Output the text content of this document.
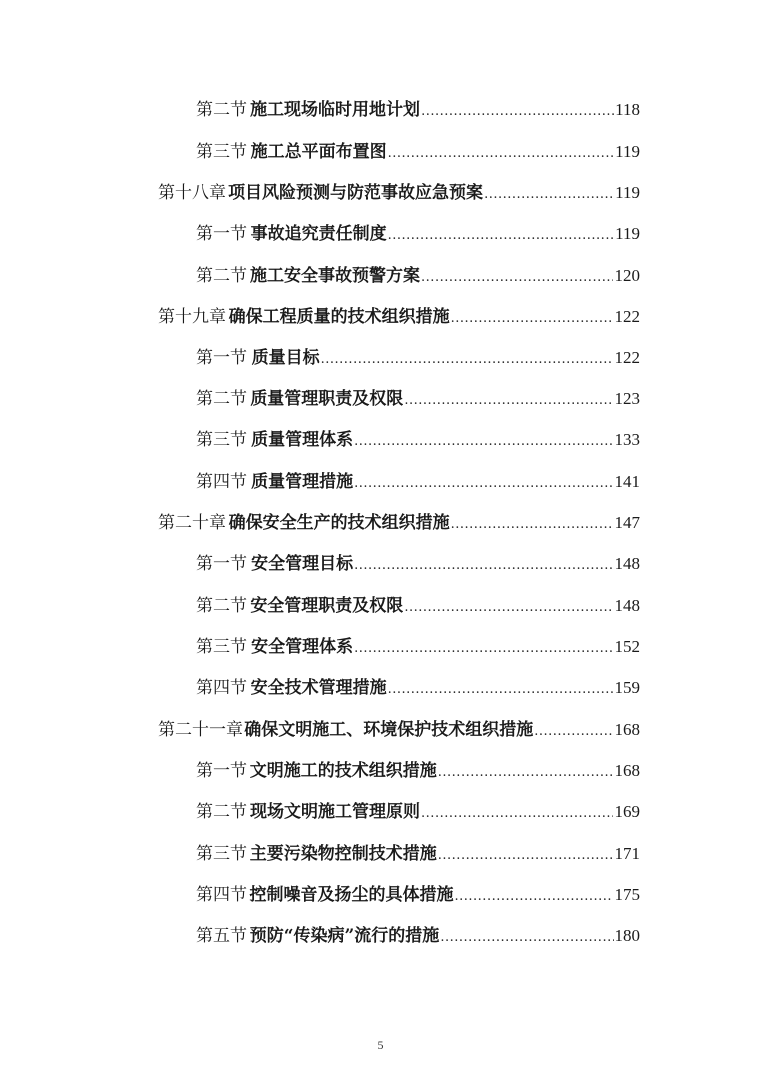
第二节 施工现场临时用地计划 .....	118
第三节 施工总平面布置图 .....	119
第十八章 项目风险预测与防范事故应急预案 .....	119
第一节 事故追究责任制度 .....	119
第二节 施工安全事故预警方案 .....	120
第十九章 确保工程质量的技术组织措施 .....	122
第一节 质量目标 .....	122
第二节 质量管理职责及权限 .....	123
第三节 质量管理体系 .....	133
第四节 质量管理措施 .....	141
第二十章 确保安全生产的技术组织措施 .....	147
第一节 安全管理目标 .....	148
第二节 安全管理职责及权限 .....	148
第三节 安全管理体系 .....	152
第四节 安全技术管理措施 .....	159
第二十一章 确保文明施工、环境保护技术组织措施 .....	168
第一节 文明施工的技术组织措施 .....	168
第二节 现场文明施工管理原则 .....	169
第三节 主要污染物控制技术措施 .....	171
第四节 控制噪音及扬尘的具体措施 .....	175
第五节 预防“传染病”流行的措施 .....	180
5
